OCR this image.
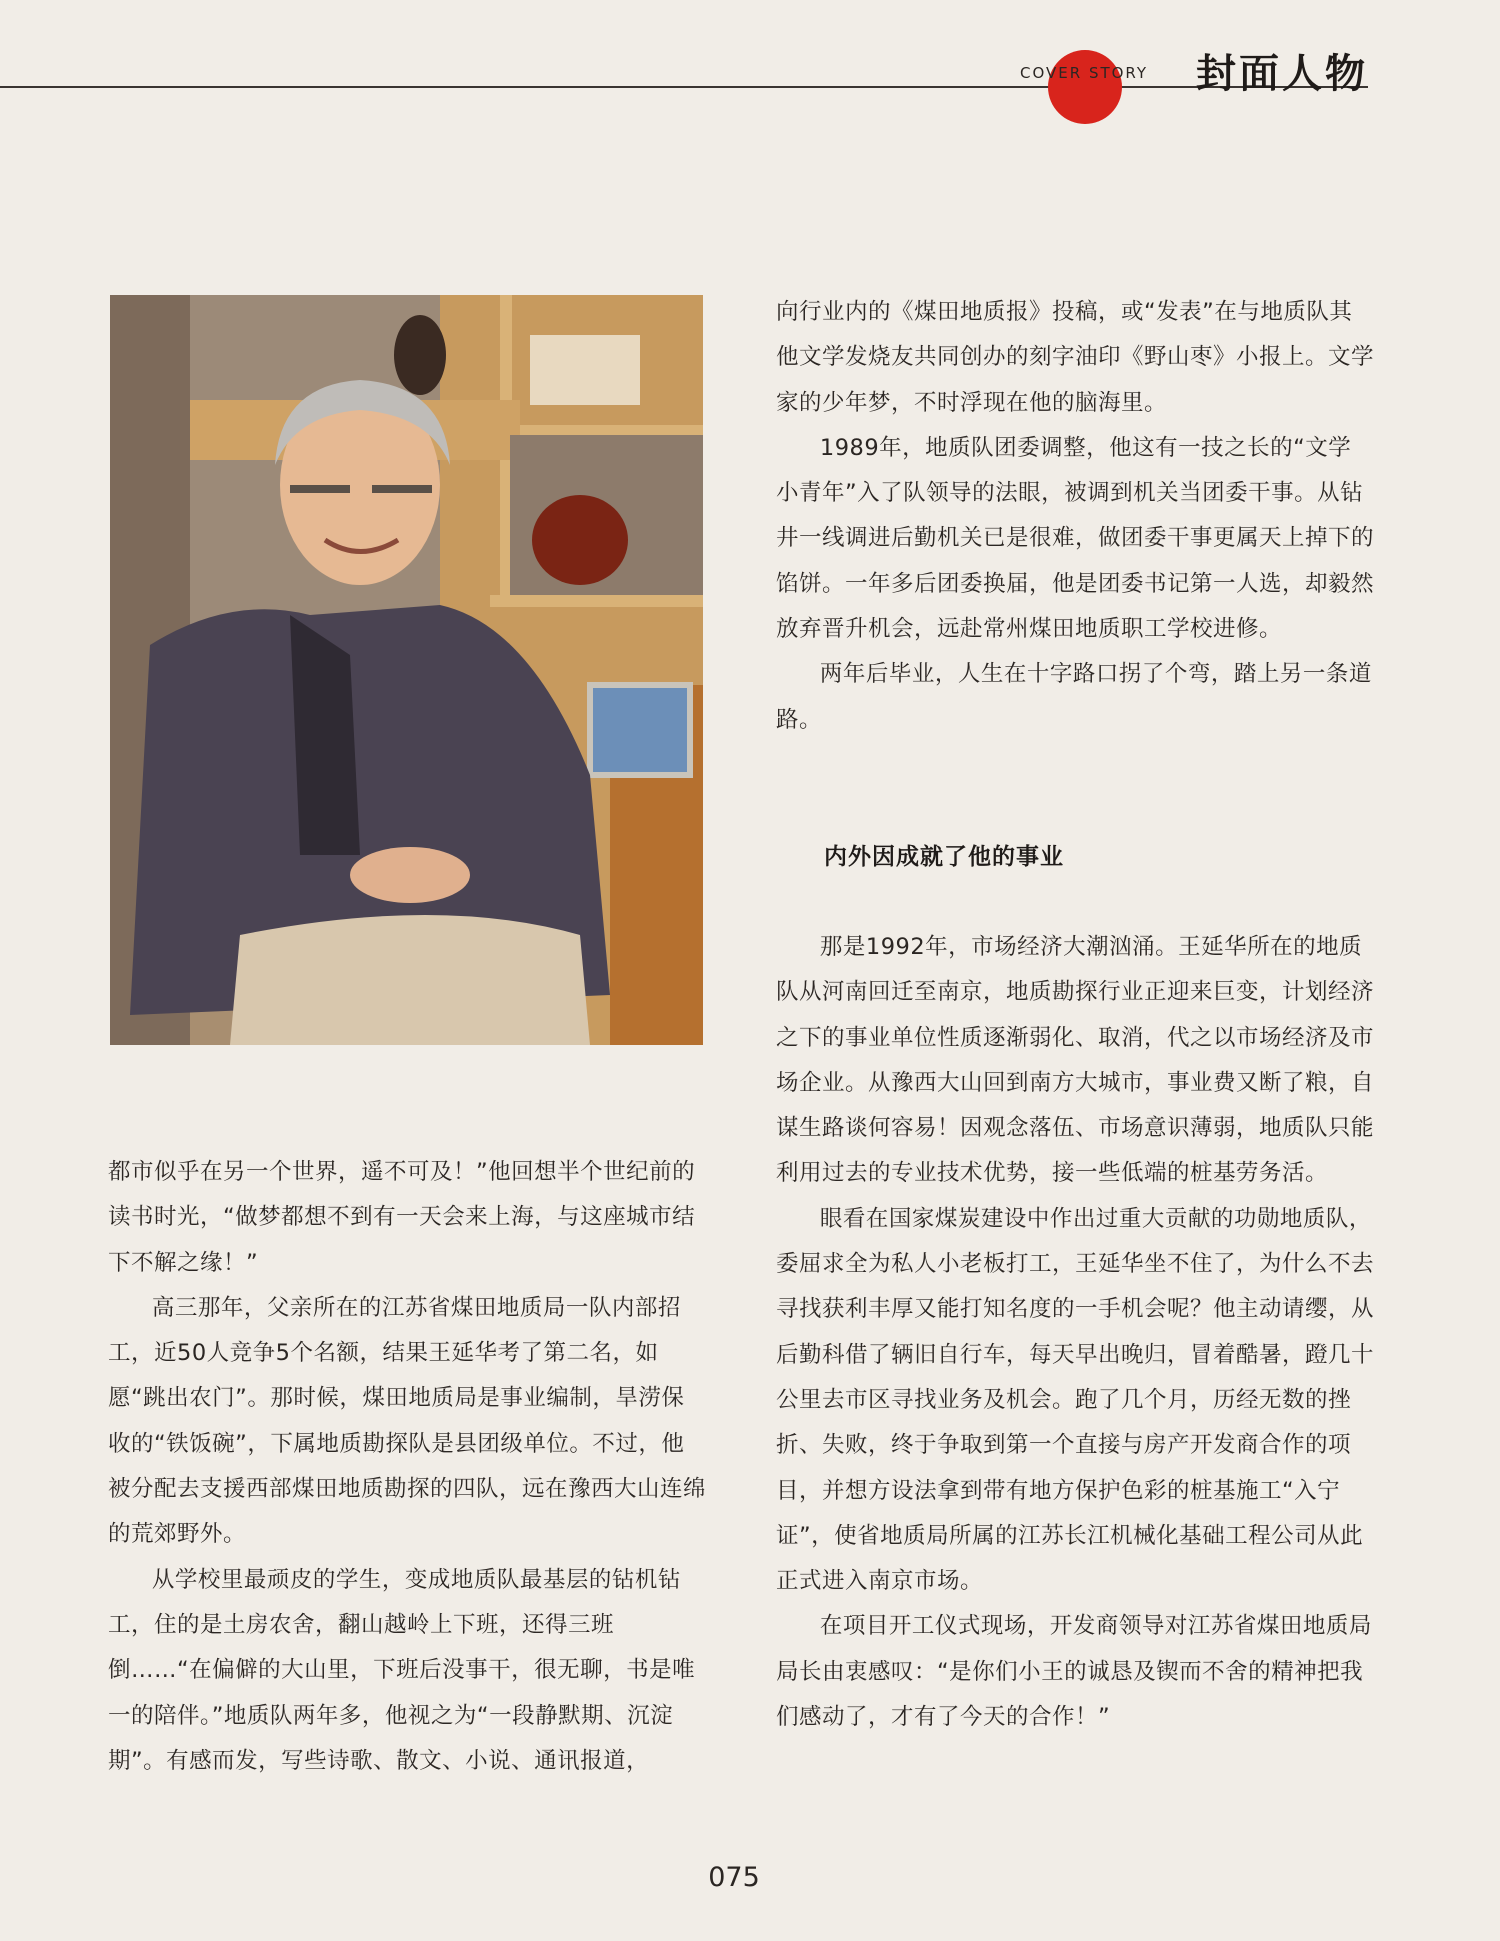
COVER STORY	封面人物

都市似乎在另一个世界，遥不可及！”他回想半个世纪前的读书时光，“做梦都想不到有一天会来上海，与这座城市结下不解之缘！”

高三那年，父亲所在的江苏省煤田地质局一队内部招工，近50人竞争5个名额，结果王延华考了第二名，如愿“跳出农门”。那时候，煤田地质局是事业编制，旱涝保收的“铁饭碗”，下属地质勘探队是县团级单位。不过，他被分配去支援西部煤田地质勘探的四队，远在豫西大山连绵的荒郊野外。

从学校里最顽皮的学生，变成地质队最基层的钻机钻工，住的是土房农舍，翻山越岭上下班，还得三班倒……“在偏僻的大山里，下班后没事干，很无聊，书是唯一的陪伴。”地质队两年多，他视之为“一段静默期、沉淀期”。有感而发，写些诗歌、散文、小说、通讯报道，

向行业内的《煤田地质报》投稿，或“发表”在与地质队其他文学发烧友共同创办的刻字油印《野山枣》小报上。文学家的少年梦，不时浮现在他的脑海里。

1989年，地质队团委调整，他这有一技之长的“文学小青年”入了队领导的法眼，被调到机关当团委干事。从钻井一线调进后勤机关已是很难，做团委干事更属天上掉下的馅饼。一年多后团委换届，他是团委书记第一人选，却毅然放弃晋升机会，远赴常州煤田地质职工学校进修。

两年后毕业，人生在十字路口拐了个弯，踏上另一条道路。

内外因成就了他的事业

那是1992年，市场经济大潮汹涌。王延华所在的地质队从河南回迁至南京，地质勘探行业正迎来巨变，计划经济之下的事业单位性质逐渐弱化、取消，代之以市场经济及市场企业。从豫西大山回到南方大城市，事业费又断了粮，自谋生路谈何容易！因观念落伍、市场意识薄弱，地质队只能利用过去的专业技术优势，接一些低端的桩基劳务活。

眼看在国家煤炭建设中作出过重大贡献的功勋地质队，委屈求全为私人小老板打工，王延华坐不住了，为什么不去寻找获利丰厚又能打知名度的一手机会呢？他主动请缨，从后勤科借了辆旧自行车，每天早出晚归，冒着酷暑，蹬几十公里去市区寻找业务及机会。跑了几个月，历经无数的挫折、失败，终于争取到第一个直接与房产开发商合作的项目，并想方设法拿到带有地方保护色彩的桩基施工“入宁证”，使省地质局所属的江苏长江机械化基础工程公司从此正式进入南京市场。

在项目开工仪式现场，开发商领导对江苏省煤田地质局局长由衷感叹：“是你们小王的诚恳及锲而不舍的精神把我们感动了，才有了今天的合作！”

075
